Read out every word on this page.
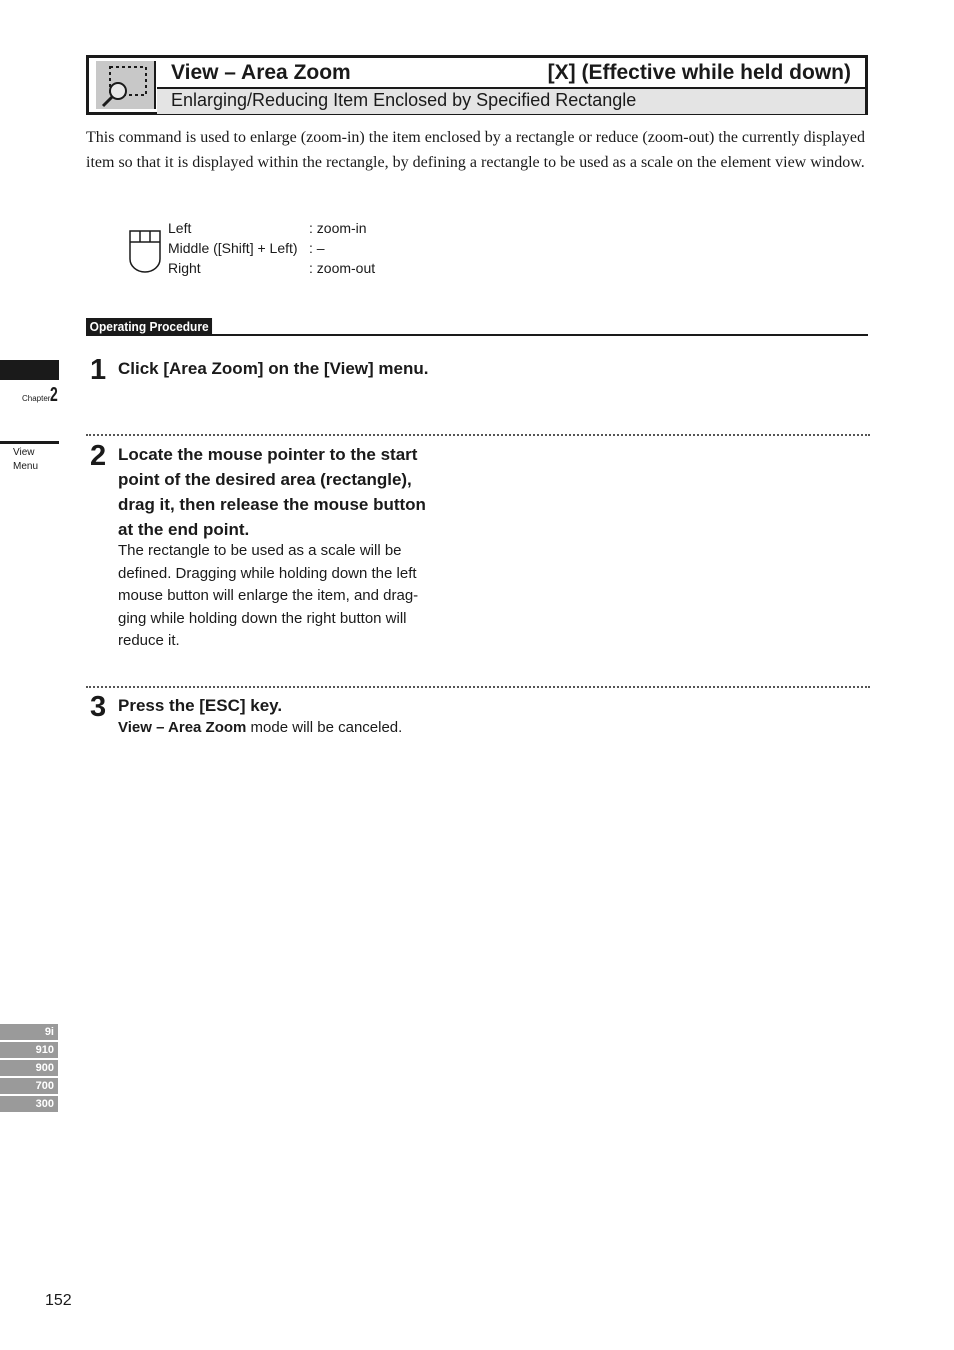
View – Area Zoom	[X] (Effective while held down)
Enlarging/Reducing Item Enclosed by Specified Rectangle
This command is used to enlarge (zoom-in) the item enclosed by a rectangle or reduce (zoom-out) the currently displayed item so that it is displayed within the rectangle, by defining a rectangle to be used as a scale on the element view window.
Left	: zoom-in
Middle ([Shift] + Left) : –
Right	: zoom-out
Operating Procedure
1 Click [Area Zoom] on the [View] menu.
2 Locate the mouse pointer to the start
point of the desired area (rectangle),
drag it, then release the mouse button
at the end point.
The rectangle to be used as a scale will be
defined. Dragging while holding down the left
mouse button will enlarge the item, and drag-
ging while holding down the right button will
reduce it.
3 Press the [ESC] key.
View – Area Zoom mode will be canceled.
Chapter2
View
Menu
9i
910
900
700
300
152
